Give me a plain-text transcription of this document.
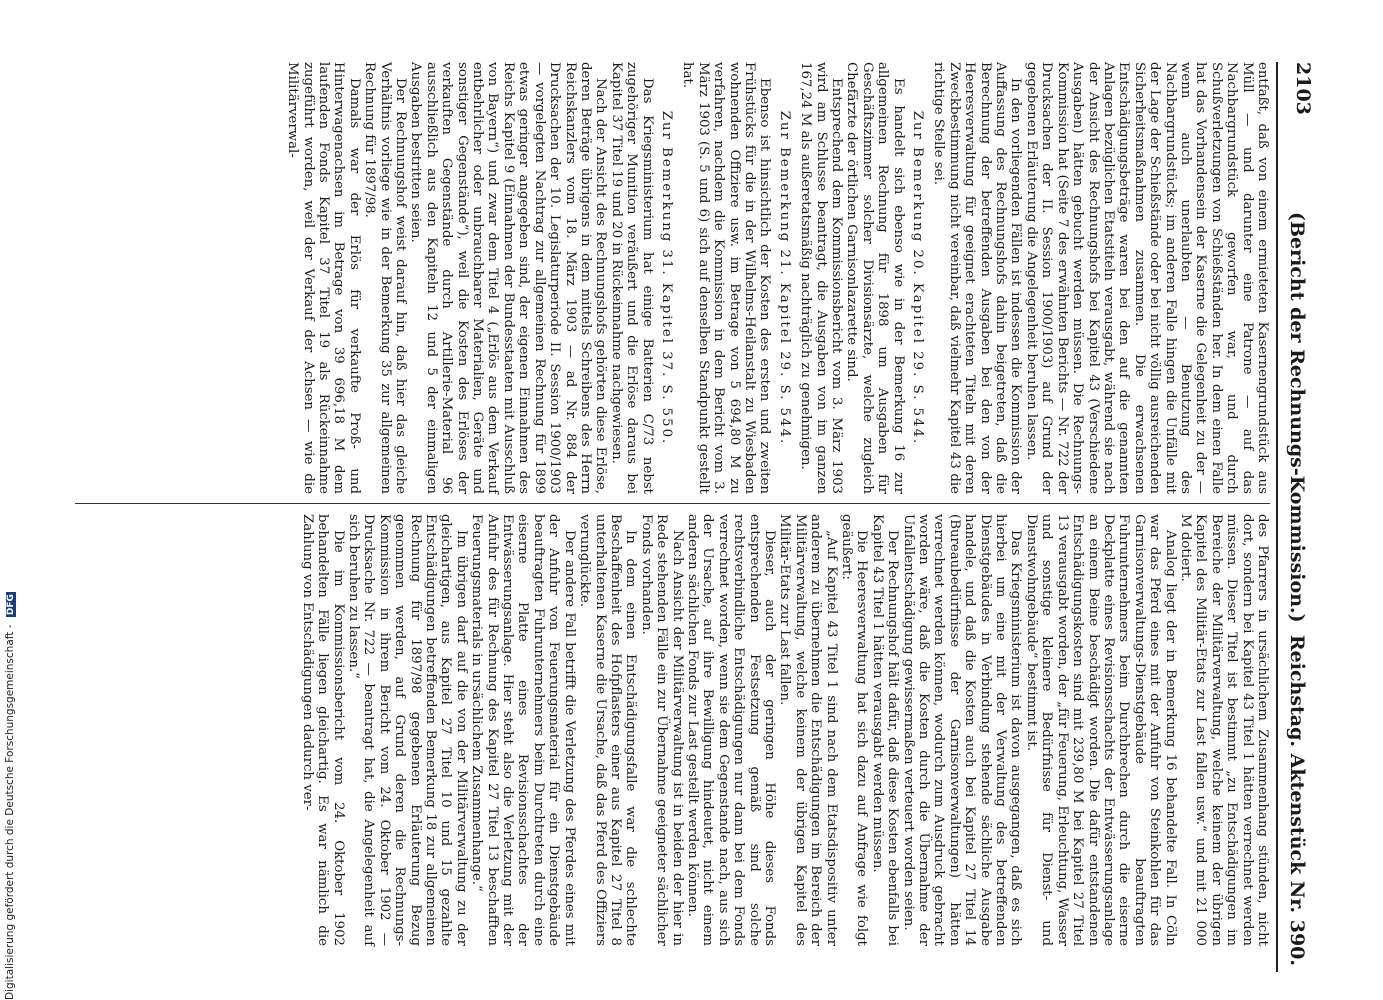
2103
(Bericht der Rechnungs-Kommission.)
Reichstag. Aktenstück Nr. 390.

entfaßt, daß von einem ermieteten Kasernengrundstück aus Müll — und darunter eine Patrone — auf das Nachbargrundstück geworfen war, und durch Schußverletzungen von Schießständen her. In dem einen Falle hat das Vorhandensein der Kaserne die Gelegenheit zu der — wenn auch unerlaubten — Benutzung des Nachbargrundstücks; im anderen Falle hingen die Unfälle mit der Lage der Schießstände oder bei nicht völlig ausreichenden Sicherheitsmaßnahmen zusammen. Die erwachsenen Entschädigungsbeträge waren bei den auf die genannten Anlagen bezüglichen Etatstiteln verausgabt, während sie nach der Ansicht des Rechnungshofs bei Kapitel 43 (Verschiedene Ausgaben) hätten gebucht werden müssen. Die Rechnungs-Kommission hat (Seite 7 des erwähnten Berichts — Nr. 722 der Drucksachen der II. Session 1900/1903) auf Grund der gegebenen Erläuterung die Angelegenheit beruhen lassen.

In den vorliegenden Fällen ist indessen die Kommission der Auffassung des Rechnungshofs dahin beigetreten, daß die Berechnung der betreffenden Ausgaben bei den von der Heeresverwaltung für geeignet erachteten Titeln mit deren Zweckbestimmung nicht vereinbar, daß vielmehr Kapitel 43 die richtige Stelle sei.

Zur Bemerkung 20. Kapitel 29. S. 544.

Es handelt sich ebenso wie in der Bemerkung 16 zur allgemeinen Rechnung für 1898 um Ausgaben für Geschäftszimmer solcher Divisionsärzte, welche zugleich Chefärzte der örtlichen Garnisonlazarette sind.

Entsprechend dem Kommissionsbericht vom 3. März 1903 wird am Schlusse beantragt, die Ausgaben von im ganzen 167,24 M als außeretatsmäßig nachträglich zu genehmigen.

Zur Bemerkung 21. Kapitel 29. S. 544.

Ebenso ist hinsichtlich der Kosten des ersten und zweiten Frühstücks für die in der Wilhelms-Heilanstalt zu Wiesbaden wohnenden Offiziere usw. im Betrage von 5 694,80 M zu verfahren, nachdem die Kommission in dem Bericht vom 3. März 1903 (S. 5 und 6) sich auf denselben Standpunkt gestellt hat.

Zur Bemerkung 31. Kapitel 37. S. 550.

Das Kriegsministerium hat einige Batterien C/73 nebst zugehöriger Munition veräußert und die Erlöse daraus bei Kapitel 37 Titel 19 und 20 in Rückeinnahme nachgewiesen.

Nach der Ansicht des Rechnungshofs gehörten diese Erlöse, deren Beträge übrigens in dem mittels Schreibens des Herrn Reichskanzlers vom 18. März 1903 — ad Nr. 884 der Drucksachen der 10. Legislaturperiode II. Session 1900/1903 — vorgelegten Nachtrag zur allgemeinen Rechnung für 1899 etwas geringer angegeben sind, der eigenen Einnahmen des Reichs Kapitel 9 (Einnahmen der Bundesstaaten mit Ausschluß von Bayern“) und zwar dem Titel 4 („Erlös aus dem Verkauf entbehrlicher oder unbrauchbarer Materialien, Geräte und sonstiger Gegenstände“), weil die Kosten des Erlöses der verkauften Gegenstände durch Artillerie-Material 96 ausschließlich aus den Kapiteln 12 und 5 der einmaligen Ausgaben bestritten seien.

Der Rechnungshof weist darauf hin, daß hier das gleiche Verhältnis vorliege wie in der Bemerkung 35 zur allgemeinen Rechnung für 1897/98.

Damals war der Erlös für verkaufte Proß- und Hinterwagenachsen im Betrage von 39 696,18 M dem laufenden Fonds Kapitel 37 Titel 19 als Rückeinnahme zugeführt worden, weil der Verkauf der Achsen — wie die Militärverwal-

des Pfarrers in ursächlichem Zusammenhang stünden, nicht dort, sondern bei Kapitel 43 Titel 1 hätten verrechnet werden müssen. Dieser Titel ist bestimmt „zu Entschädigungen im Bereiche der Militärverwaltung, welche keinem der übrigen Kapitel des Militär-Etats zur Last fallen usw.“ und mit 21 000 M dotiert.

Analog liegt der in Bemerkung 16 behandelte Fall. In Cöln war das Pferd eines mit der Anfuhr von Steinkohlen für das Garnisonverwaltungs-Dienstgebäude beauftragten Fuhrunternehmers beim Durchbrechen durch die eiserne Deckplatte eines Revisionsschachts der Entwässerungsanlage an einem Beine beschädigt worden. Die dafür entstandenen Entschädigungskosten sind mit 239,80 M bei Kapitel 27 Titel 13 verausgabt worden, der „für Feuerung, Erleuchtung, Wasser und sonstige kleinere Bedürfnisse für Dienst- und Dienstwohngebäude“ bestimmt ist.

Das Kriegsministerium ist davon ausgegangen, daß es sich hierbei um eine mit der Verwaltung des betreffenden Dienstgebäudes in Verbindung stehende sächliche Ausgabe handele, und daß die Kosten auch bei Kapitel 27 Titel 14 (Bureaubedürfnisse der Garnisonverwaltungen) hätten verrechnet werden können, wodurch zum Ausdruck gebracht worden wäre, daß die Kosten durch die Übernahme der Unfallentschädigung gewissermaßen verteuert worden seien.

Der Rechnungshof hält dafür, daß diese Kosten ebenfalls bei Kapitel 43 Titel 1 hätten verausgabt werden müssen.

Die Heeresverwaltung hat sich dazu auf Anfrage wie folgt geäußert:

„Auf Kapitel 43 Titel 1 sind nach dem Etatsdispositiv unter anderem zu übernehmen die Entschädigungen im Bereich der Militärverwaltung, welche keinem der übrigen Kapitel des Militär-Etats zur Last fallen.

Dieser, auch der geringen Höhe dieses Fonds entsprechenden Festsetzung gemäß sind solche rechtsverbindliche Entschädigungen nur dann bei dem Fonds verrechnet worden, wenn sie dem Gegenstande nach, aus sich der Ursache, auf ihre Bewilligung hindeutet, nicht einem anderen sächlichen Fonds zur Last gestellt werden können.

Nach Ansicht der Militärverwaltung ist in beiden der hier in Rede stehenden Fälle ein zur Übernahme geeigneter sächlicher Fonds vorhanden.

In dem einen Entschädigungsfalle war die schlechte Beschaffenheit des Hofpflasters einer aus Kapitel 27 Titel 8 unterhaltenen Kaserne die Ursache, daß das Pferd des Offiziers verunglückte.

Der andere Fall betrifft die Verletzung des Pferdes eines mit der Anfuhr von Feuerungsmaterial für ein Dienstgebäude beauftragten Fuhrunternehmers beim Durchtreten durch eine eiserne Platte eines Revisionsschachtes der Entwässerungsanlage. Hier steht also die Verletzung mit der Anfuhr des für Rechnung des Kapitel 27 Titel 13 beschafften Feuerungsmaterials in ursächlichem Zusammenhange.“

Im übrigen darf auf die von der Militärverwaltung zu der gleichartigen, aus Kapitel 27 Titel 10 und 15 gezahlte Entschädigungen betreffenden Bemerkung 18 zur allgemeinen Rechnung für 1897/98 gegebenen Erläuterung Bezug genommen werden, auf Grund deren die Rechnungs-Kommission in ihrem Bericht vom 24. Oktober 1902 — Drucksache Nr. 722 — beantragt hat, die Angelegenheit auf sich beruhen zu lassen.“

Die im Kommissionsbericht vom 24. Oktober 1902 behandelten Fälle liegen gleichartig. Es war nämlich die Zahlung von Entschädigungen dadurch ver-

Digitalisierung gefördert durch die Deutsche Forschungsgemeinschaft - DFG
